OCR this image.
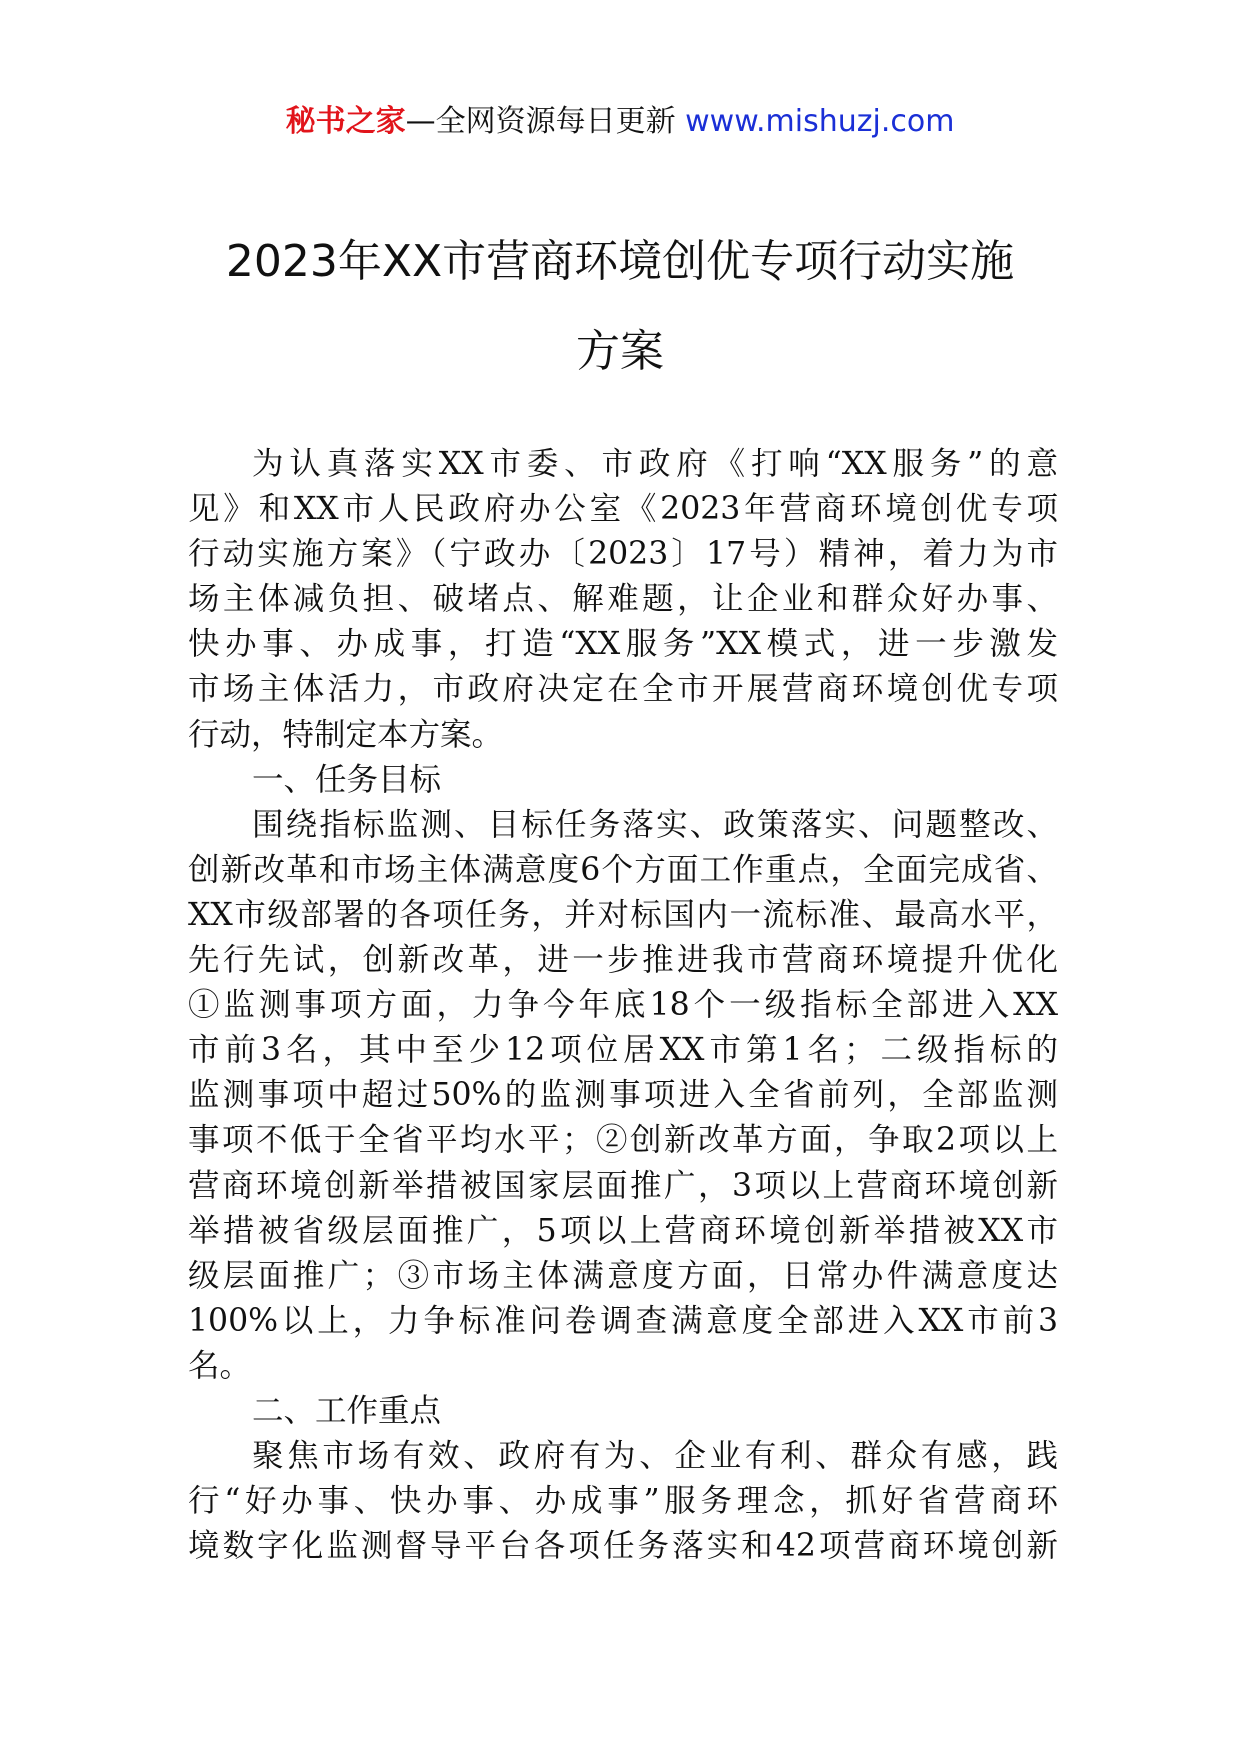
秘书之家—全网资源每日更新 www.mishuzj.com
2023年XX市营商环境创优专项行动实施
方案
为认真落实XX市委、市政府《打响“XX服务”的意
见》和XX市人民政府办公室《2023年营商环境创优专项
行动实施方案》（宁政办〔2023〕17号）精神，着力为市
场主体减负担、破堵点、解难题，让企业和群众好办事、
快办事、办成事，打造“XX服务”XX模式，进一步激发
市场主体活力，市政府决定在全市开展营商环境创优专项
行动，特制定本方案。
一、任务目标
围绕指标监测、目标任务落实、政策落实、问题整改、
创新改革和市场主体满意度6个方面工作重点，全面完成省、
XX市级部署的各项任务，并对标国内一流标准、最高水平，
先行先试，创新改革，进一步推进我市营商环境提升优化
①监测事项方面，力争今年底18个一级指标全部进入XX
市前3名，其中至少12项位居XX市第1名；二级指标的
监测事项中超过50%的监测事项进入全省前列，全部监测
事项不低于全省平均水平；②创新改革方面，争取2项以上
营商环境创新举措被国家层面推广，3项以上营商环境创新
举措被省级层面推广，5项以上营商环境创新举措被XX市
级层面推广；③市场主体满意度方面，日常办件满意度达
100%以上，力争标准问卷调查满意度全部进入XX市前3
名。
二、工作重点
聚焦市场有效、政府有为、企业有利、群众有感，践
行“好办事、快办事、办成事”服务理念，抓好省营商环
境数字化监测督导平台各项任务落实和42项营商环境创新
